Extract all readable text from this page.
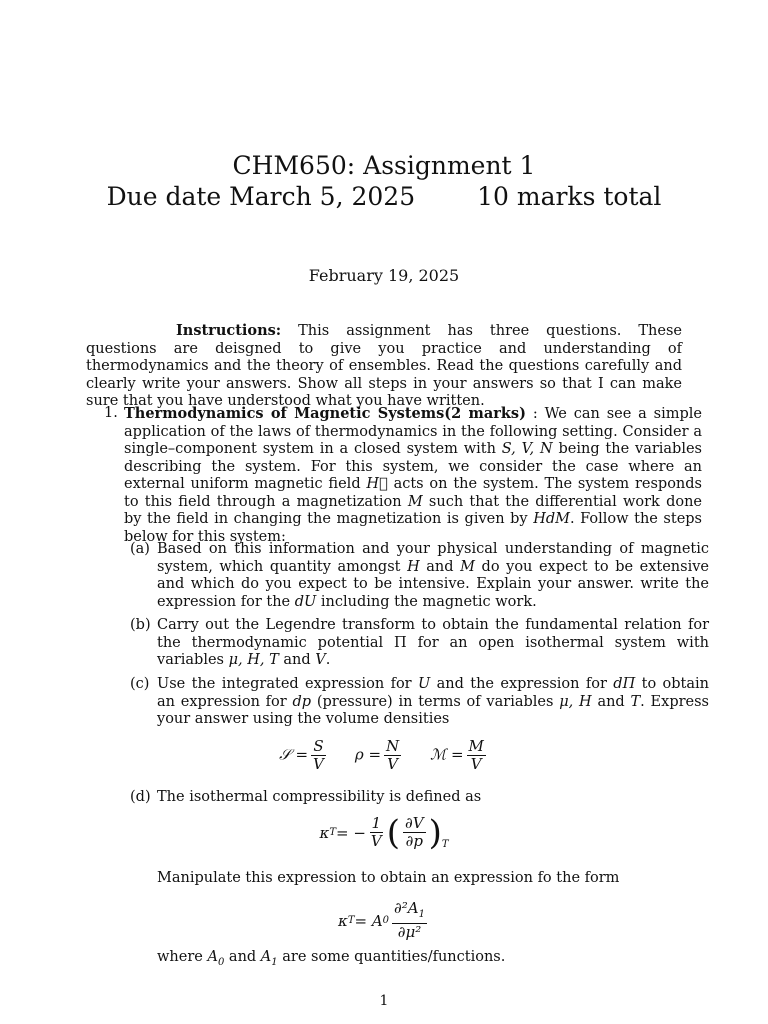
CHM650: Assignment 1
Due date March 5, 2025 10 marks total
February 19, 2025
Instructions: This assignment has three questions. These questions are deisgned to give you practice and understanding of thermodynamics and the theory of ensembles. Read the questions carefully and clearly write your answers. Show all steps in your answers so that I can make sure that you have understood what you have written.
1. Thermodynamics of Magnetic Systems(2 marks) : We can see a simple application of the laws of thermodynamics in the following setting. Consider a single–component system in a closed system with S, V, N being the variables describing the system. For this system, we consider the case where an external uniform magnetic field H⃗ acts on the system. The system responds to this field through a magnetization M such that the differential work done by the field in changing the magnetization is given by HdM. Follow the steps below for this system:
(a) Based on this information and your physical understanding of magnetic system, which quantity amongst H and M do you expect to be extensive and which do you expect to be intensive. Explain your answer. write the expression for the dU including the magnetic work.
(b) Carry out the Legendre transform to obtain the fundamental relation for the thermodynamic potential Π for an open isothermal system with variables μ, H, T and V.
(c) Use the integrated expression for U and the expression for dΠ to obtain an expression for dp (pressure) in terms of variables μ, H and T. Express your answer using the volume densities
𝒮 = $\frac{S}{V}$ $\rho = \frac{N}{V}$ ℳ = $\frac{M}{V}$
(d) The isothermal compressibility is defined as
κ T = − $\frac{1}{V}$ ( $\frac{\partial V}{\partial p} )_T$
Manipulate this expression to obtain an expression fo the form
κ T = A $0 \frac{\partial^2A_1}{\text{∂μ²}}$
where $A_0$ and $A_1$ are some quantities/functions.
1
